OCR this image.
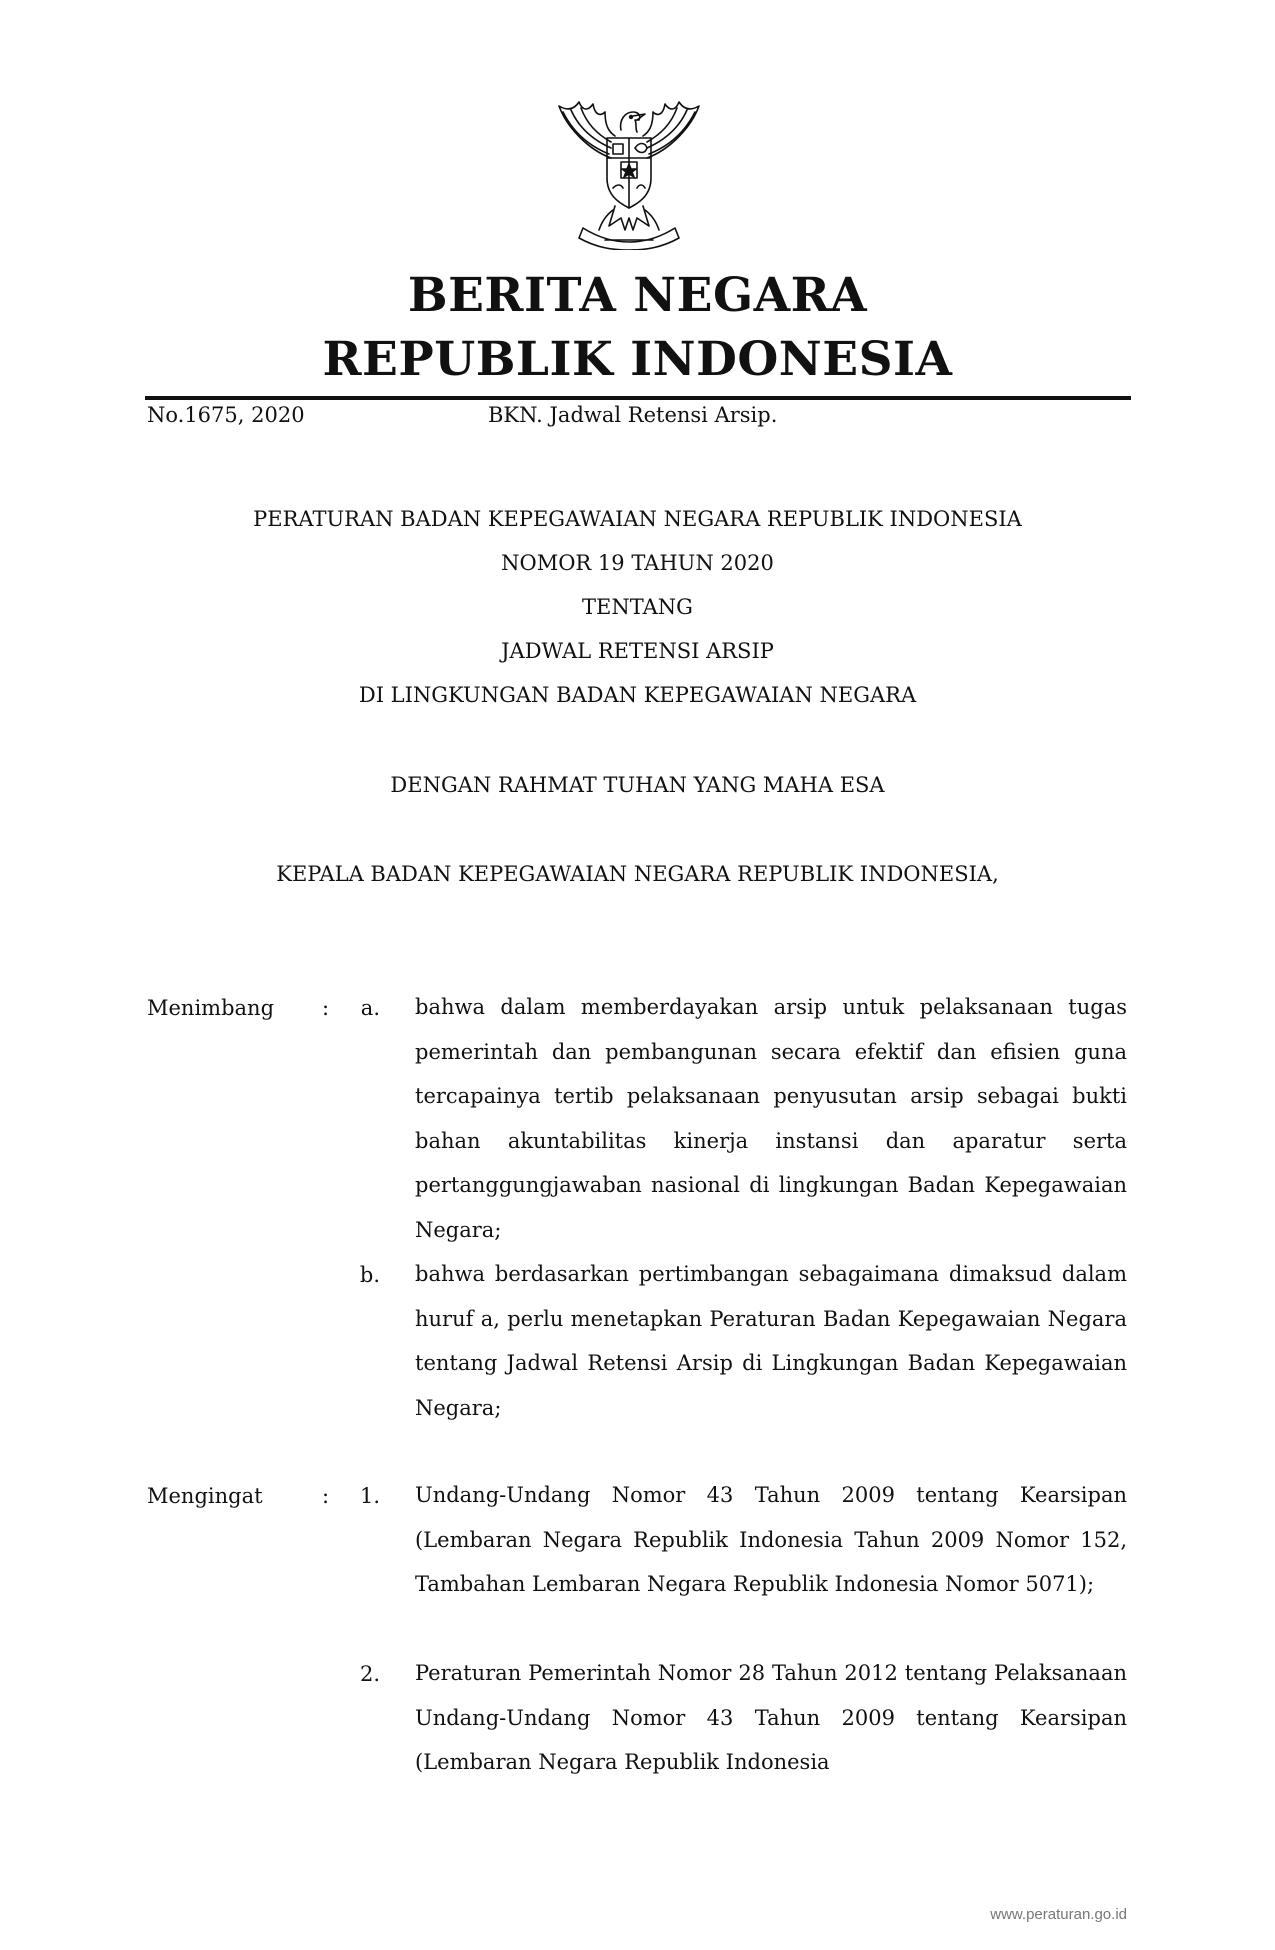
BERITA NEGARA
REPUBLIK INDONESIA
No.1675, 2020	BKN. Jadwal Retensi Arsip.
PERATURAN BADAN KEPEGAWAIAN NEGARA REPUBLIK INDONESIA
NOMOR 19 TAHUN 2020
TENTANG
JADWAL RETENSI ARSIP
DI LINGKUNGAN BADAN KEPEGAWAIAN NEGARA
DENGAN RAHMAT TUHAN YANG MAHA ESA
KEPALA BADAN KEPEGAWAIAN NEGARA REPUBLIK INDONESIA,
Menimbang :	a. bahwa dalam memberdayakan arsip untuk pelaksanaan tugas pemerintah dan pembangunan secara efektif dan efisien guna tercapainya tertib pelaksanaan penyusutan arsip sebagai bukti bahan akuntabilitas kinerja instansi dan aparatur serta pertanggungjawaban nasional di lingkungan Badan Kepegawaian Negara;
b. bahwa berdasarkan pertimbangan sebagaimana dimaksud dalam huruf a, perlu menetapkan Peraturan Badan Kepegawaian Negara tentang Jadwal Retensi Arsip di Lingkungan Badan Kepegawaian Negara;
Mengingat	:	1. Undang-Undang Nomor 43 Tahun 2009 tentang Kearsipan (Lembaran Negara Republik Indonesia Tahun 2009 Nomor 152, Tambahan Lembaran Negara Republik Indonesia Nomor 5071);
2. Peraturan Pemerintah Nomor 28 Tahun 2012 tentang Pelaksanaan Undang-Undang Nomor 43 Tahun 2009 tentang Kearsipan (Lembaran Negara Republik Indonesia
www.peraturan.go.id
